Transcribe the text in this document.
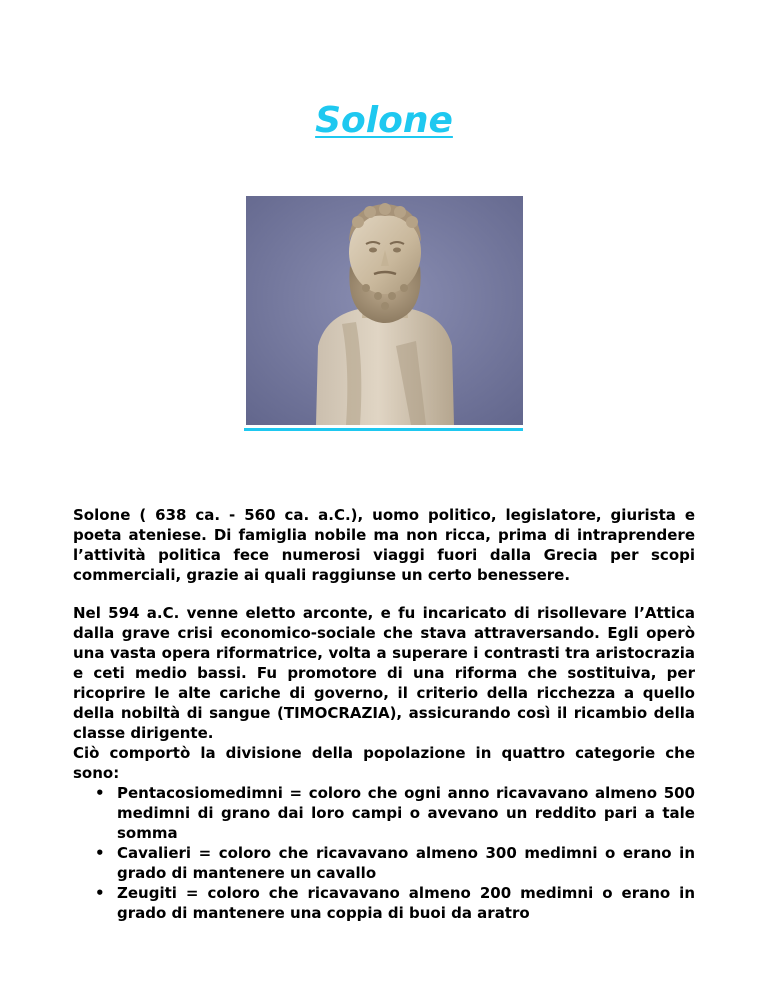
Solone

Solone ( 638 ca. - 560 ca. a.C.), uomo politico, legislatore, giurista e poeta ateniese. Di famiglia nobile ma non ricca, prima di intraprendere l’attività politica fece numerosi viaggi fuori dalla Grecia per scopi commerciali, grazie ai quali raggiunse un certo benessere.

Nel 594 a.C. venne eletto arconte, e fu incaricato di risollevare l’Attica dalla grave crisi economico-sociale che stava attraversando. Egli operò una vasta opera riformatrice, volta a superare i contrasti tra aristocrazia e ceti medio bassi. Fu promotore di una riforma che sostituiva, per ricoprire le alte cariche di governo, il criterio della ricchezza a quello della nobiltà di sangue (TIMOCRAZIA), assicurando così il ricambio della classe dirigente.

Ciò comportò la divisione della popolazione in quattro categorie che sono:

• Pentacosiomedimni = coloro che ogni anno ricavavano almeno 500 medimni di grano dai loro campi o avevano un reddito pari a tale somma
• Cavalieri = coloro che ricavavano almeno 300 medimni o erano in grado di mantenere un cavallo
• Zeugiti = coloro che ricavavano almeno 200 medimni o erano in grado di mantenere una coppia di buoi da aratro
